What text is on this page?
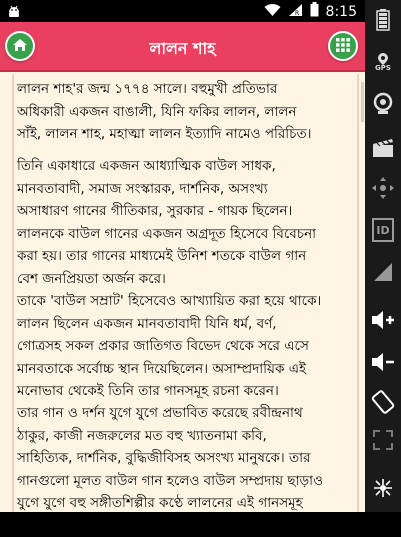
R 8:15
লালন শাহ
লালন শাহ'র জন্ম ১৭৭৪ সালে। বহুমুখী প্রতিভার
অধিকারী একজন বাঙালী, যিনি ফকির লালন, লালন
সাঁই, লালন শাহ, মহাত্মা লালন ইত্যাদি নামেও পরিচিত।
তিনি একাধারে একজন আধ্যাত্মিক বাউল সাধক,
মানবতাবাদী, সমাজ সংস্কারক, দার্শনিক, অসংখ্য
অসাধারণ গানের গীতিকার, সুরকার - গায়ক ছিলেন।
লালনকে বাউল গানের একজন অগ্রদূত হিসেবে বিবেচনা
করা হয়। তার গানের মাধ্যমেই উনিশ শতকে বাউল গান
বেশ জনপ্রিয়তা অর্জন করে।
তাকে 'বাউল সম্রাট' হিসেবেও আখ্যায়িত করা হয়ে থাকে।
লালন ছিলেন একজন মানবতাবাদী যিনি ধর্ম, বর্ণ,
গোত্রসহ সকল প্রকার জাতিগত বিভেদ থেকে সরে এসে
মানবতাকে সর্বোচ্চ স্থান দিয়েছিলেন। অসাম্প্রদায়িক এই
মনোভাব থেকেই তিনি তার গানসমূহ রচনা করেন।
তার গান ও দর্শন যুগে যুগে প্রভাবিত করেছে রবীন্দ্রনাথ
ঠাকুর, কাজী নজরুলের মত বহু খ্যাতনামা কবি,
সাহিত্যিক, দার্শনিক, বুদ্ধিজীবিসহ অসংখ্য মানুষকে। তার
গানগুলো মূলত বাউল গান হলেও বাউল সম্প্রদায় ছাড়াও
যুগে যুগে বহু সঙ্গীতশিল্পীর কণ্ঠে লালনের এই গানসমূহ
উচ্চারিত হয়েছে। গান্ধীরও ২৫ বছর আগে, ভারত
GPS
ID
